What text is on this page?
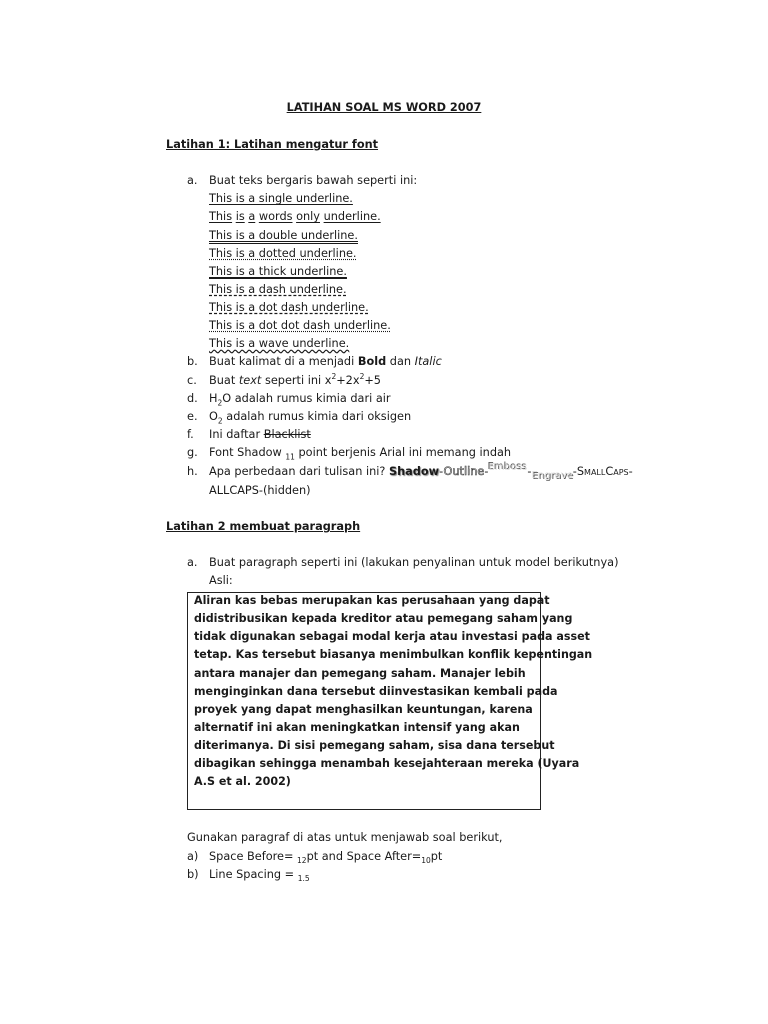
LATIHAN SOAL MS WORD 2007
Latihan 1: Latihan mengatur font
a. Buat teks bergaris bawah seperti ini:
This is a single underline.
This is a words only underline.
This is a double underline.
This is a dotted underline.
This is a thick underline.
This is a dash underline.
This is a dot dash underline.
This is a dot dot dash underline.
This is a wave underline.
b. Buat kalimat di a menjadi Bold dan Italic
c. Buat text seperti ini $x^2+2x^2+5$
d. $H_2O$ adalah rumus kimia dari air
e. $O_2$ adalah rumus kimia dari oksigen
f. Ini daftar Blacklist
g. Font Shadow $_{11}$ point berjenis Arial ini memang indah
h. Apa perbedaan dari tulisan ini? Shadow-Outline-Emboss-Engrave-SmallCaps-
ALLCAPS-(hidden)
Latihan 2 membuat paragraph
a. Buat paragraph seperti ini (lakukan penyalinan untuk model berikutnya)
Asli:
Aliran kas bebas merupakan kas perusahaan yang dapat
didistribusikan kepada kreditor atau pemegang saham yang
tidak digunakan sebagai modal kerja atau investasi pada asset
tetap. Kas tersebut biasanya menimbulkan konflik kepentingan
antara manajer dan pemegang saham. Manajer lebih
menginginkan dana tersebut diinvestasikan kembali pada
proyek yang dapat menghasilkan keuntungan, karena
alternatif ini akan meningkatkan intensif yang akan
diterimanya. Di sisi pemegang saham, sisa dana tersebut
dibagikan sehingga menambah kesejahteraan mereka (Uyara
A.S et al. 2002)
Gunakan paragraf di atas untuk menjawab soal berikut,
a) Space Before= $_{12}$pt and Space $After=_{10}pt$
b) Line Spacing = $_{1.5}$
